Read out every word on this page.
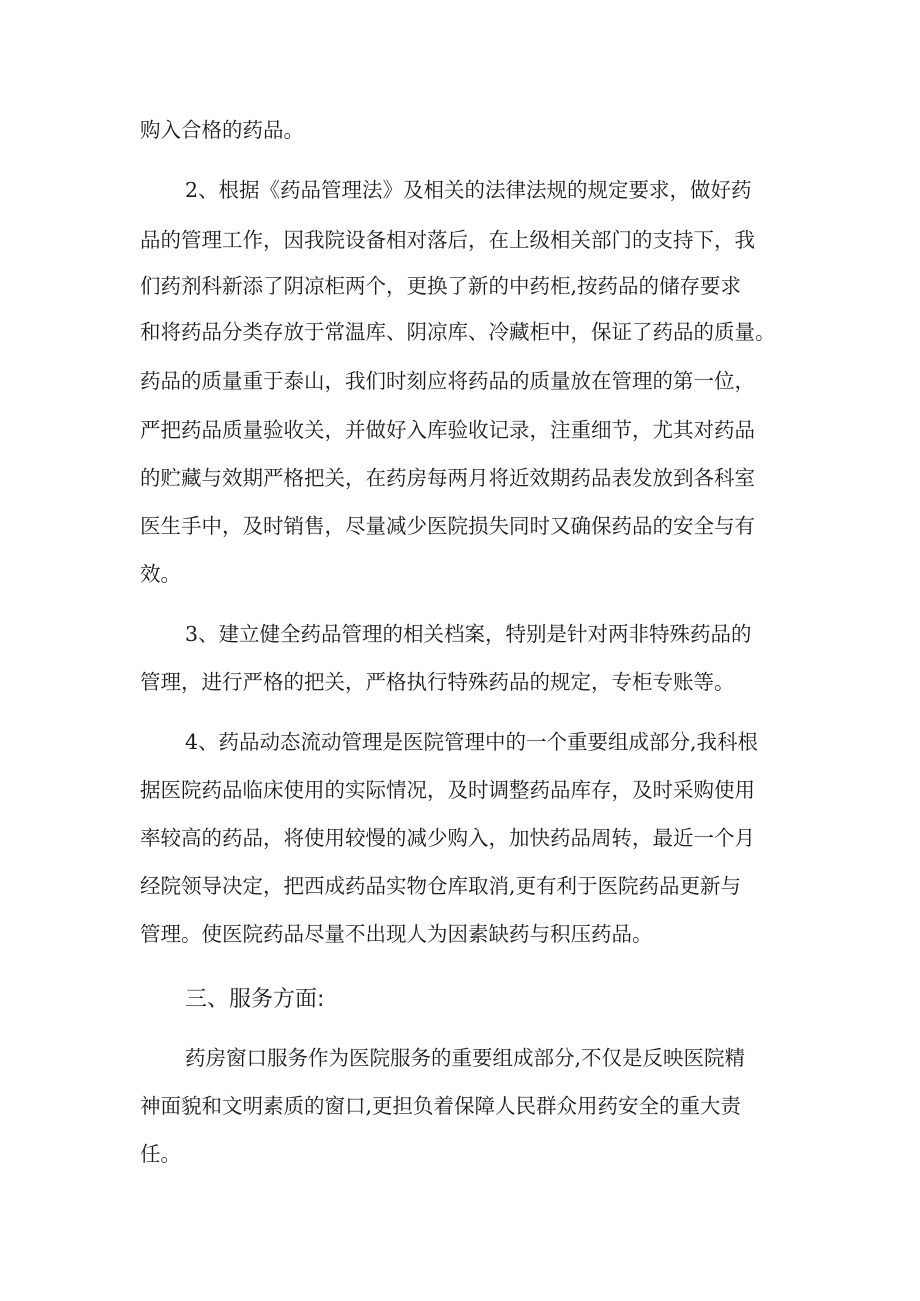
购入合格的药品。
2、根据《药品管理法》及相关的法律法规的规定要求，做好药
品的管理工作，因我院设备相对落后，在上级相关部门的支持下，我
们药剂科新添了阴凉柜两个，更换了新的中药柜,按药品的储存要求
和将药品分类存放于常温库、阴凉库、冷藏柜中，保证了药品的质量。
药品的质量重于泰山，我们时刻应将药品的质量放在管理的第一位，
严把药品质量验收关，并做好入库验收记录，注重细节，尤其对药品
的贮藏与效期严格把关，在药房每两月将近效期药品表发放到各科室
医生手中，及时销售，尽量减少医院损失同时又确保药品的安全与有
效。
3、建立健全药品管理的相关档案，特别是针对两非特殊药品的
管理，进行严格的把关，严格执行特殊药品的规定，专柜专账等。
4、药品动态流动管理是医院管理中的一个重要组成部分,我科根
据医院药品临床使用的实际情况，及时调整药品库存，及时采购使用
率较高的药品，将使用较慢的减少购入，加快药品周转，最近一个月
经院领导决定，把西成药品实物仓库取消,更有利于医院药品更新与
管理。使医院药品尽量不出现人为因素缺药与积压药品。
三、服务方面:
药房窗口服务作为医院服务的重要组成部分,不仅是反映医院精
神面貌和文明素质的窗口,更担负着保障人民群众用药安全的重大责
任。
